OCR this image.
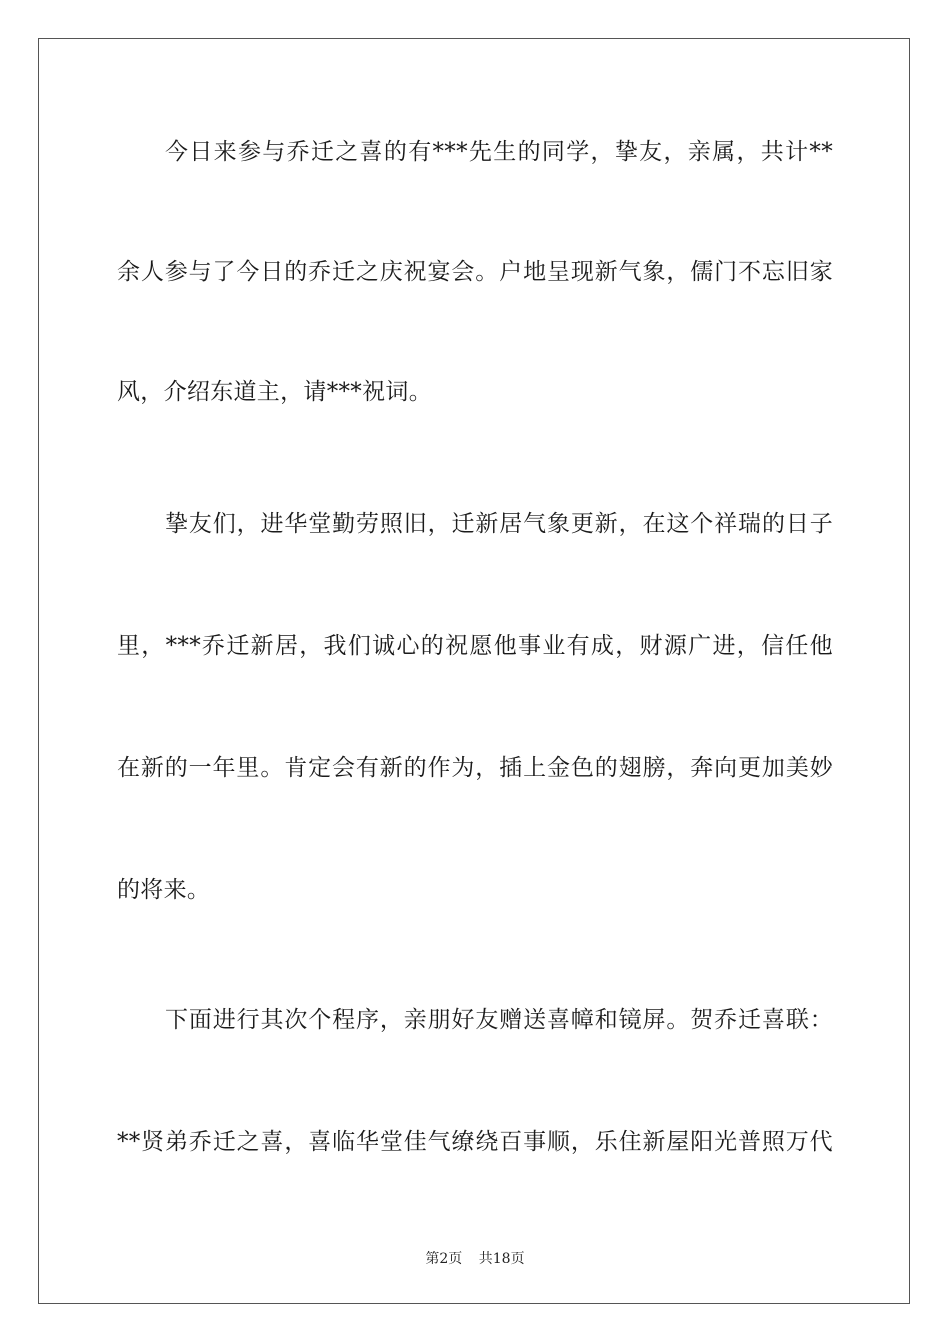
今日来参与乔迁之喜的有***先生的同学，挚友，亲属，共计**
余人参与了今日的乔迁之庆祝宴会。户地呈现新气象，儒门不忘旧家
风，介绍东道主，请***祝词。
挚友们，进华堂勤劳照旧，迁新居气象更新，在这个祥瑞的日子
里，***乔迁新居，我们诚心的祝愿他事业有成，财源广进，信任他
在新的一年里。肯定会有新的作为，插上金色的翅膀，奔向更加美妙
的将来。
下面进行其次个程序，亲朋好友赠送喜幛和镜屏。贺乔迁喜联：
**贤弟乔迁之喜，喜临华堂佳气缭绕百事顺，乐住新屋阳光普照万代
第2页 共18页
